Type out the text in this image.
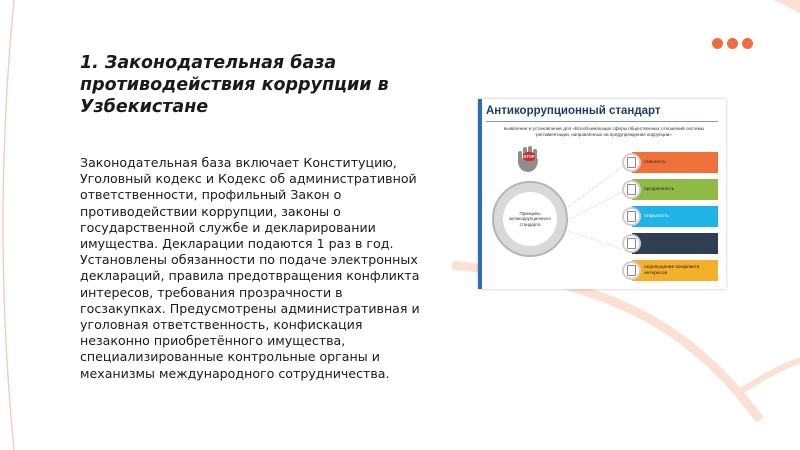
1. Законодательная база противодействия коррупции в Узбекистане

Законодательная база включает Конституцию, Уголовный кодекс и Кодекс об административной ответственности, профильный Закон о противодействии коррупции, законы о государственной службе и декларировании имущества. Декларации подаются 1 раз в год. Установлены обязанности по подаче электронных деклараций, правила предотвращения конфликта интересов, требования прозрачности в госзакупках. Предусмотрены административная и уголовная ответственность, конфискация незаконно приобретённого имущества, специализированные контрольные органы и механизмы международного сотрудничества.

Антикоррупционный стандарт
выявление и установление для «Всеобъемлющих сферы общественных отношений системы регламентации, направленных на предупреждение коррупции»
STOP
Принципы антикоррупционного стандарта
гласность
прозрачность
открытость
недопущение конфликта интересов
